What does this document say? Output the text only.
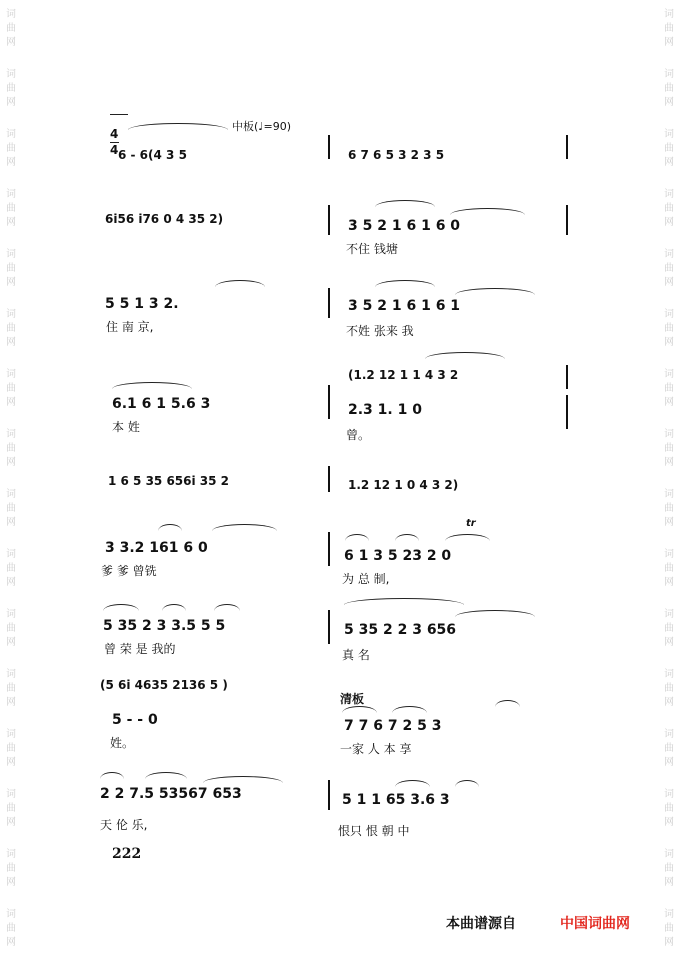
词
曲
网
词
曲
网
词
曲
网
词
曲
网
词
曲
网
词
曲
网
词
曲
网
词
曲
网
词
曲
网
词
曲
网
词
曲
网
词
曲
网
词
曲
网
词
曲
网
词
曲
网
词
曲
网
词
曲
网
词
曲
网
词
曲
网
词
曲
网
词
曲
网
词
曲
网
词
曲
网
词
曲
网
词
曲
网
词
曲
网
词
曲
网
词
曲
网
词
曲
网
词
曲
网
词
曲
网
词
曲
网
4
4
中板(♩=90)
6 - 6(4 3 5	6 7 6 5 3 2 3 5
6i56 i76 0 4 35 2)	3 5 2 1 6 1 6 0
不住 钱塘
5 5 1 3 2.
住 南 京,
3 5 2 1 6 1 6 1
不姓 张来 我
(1.2 12 1 1 4 3 2
6.1 6 1 5.6 3
本 姓
2.3 1. 1 0
曾。
1 6 5 35 656i 35 2	1.2 12 1 0 4 3 2)
3 3.2 161 6 0
爹 爹 曾铣
6 1 3 5 23 2 0
为 总 制,
tr
5 35 2 3 3.5 5 5
曾 荣 是 我的
5 35 2 2 3 656
真 名
(5 6i 4635 2136 5 )
清板
5 - - 0
姓。
7 7 6 7 2 5 3
一家 人 本 享
2 2 7.5 53567 653
天 伦 乐,
5 1 1 65 3.6 3
恨只 恨 朝 中
222
本曲谱源自	中国词曲网
